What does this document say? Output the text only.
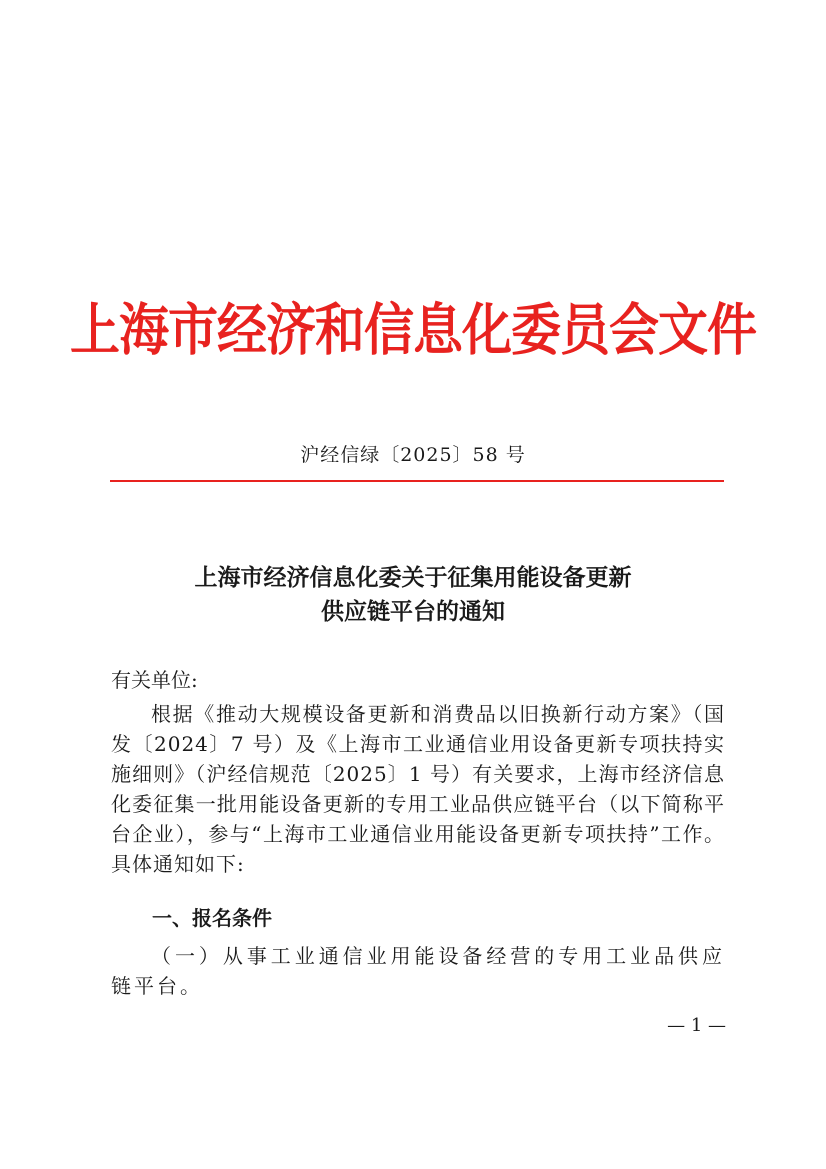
上海市经济和信息化委员会文件
沪经信绿〔2025〕58 号
上海市经济信息化委关于征集用能设备更新
供应链平台的通知
有关单位:
根据《推动大规模设备更新和消费品以旧换新行动方案》（国发〔2024〕7 号）及《上海市工业通信业用设备更新专项扶持实施细则》（沪经信规范〔2025〕1 号）有关要求，上海市经济信息化委征集一批用能设备更新的专用工业品供应链平台（以下简称平台企业），参与“上海市工业通信业用能设备更新专项扶持”工作。具体通知如下:
一、报名条件
（一）从事工业通信业用能设备经营的专用工业品供应链平台。
— 1 —
